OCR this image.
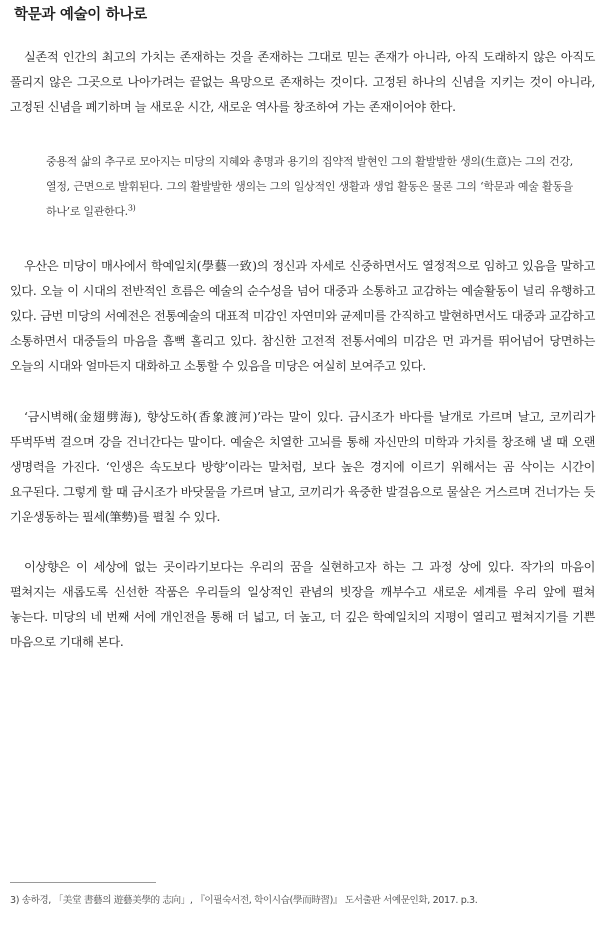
학문과 예술이 하나로

실존적 인간의 최고의 가치는 존재하는 것을 존재하는 그대로 믿는 존재가 아니라, 아직 도래하지 않은 아직도 풀리지 않은 그곳으로 나아가려는 끝없는 욕망으로 존재하는 것이다. 고정된 하나의 신념을 지키는 것이 아니라, 고정된 신념을 폐기하며 늘 새로운 시간, 새로운 역사를 창조하여 가는 존재이어야 한다.

중용적 삶의 추구로 모아지는 미당의 지혜와 총명과 용기의 집약적 발현인 그의 활발발한 생의(生意)는 그의 건강, 열정, 근면으로 발휘된다. 그의 활발발한 생의는 그의 일상적인 생활과 생업 활동은 물론 그의 ‘학문과 예술 활동을 하나’로 일관한다.$^{3)}$

우산은 미당이 매사에서 학예일치(學藝一致)의 정신과 자세로 신중하면서도 열정적으로 임하고 있음을 말하고 있다. 오늘 이 시대의 전반적인 흐름은 예술의 순수성을 넘어 대중과 소통하고 교감하는 예술활동이 널리 유행하고 있다. 금번 미당의 서예전은 전통예술의 대표적 미감인 자연미와 균제미를 간직하고 발현하면서도 대중과 교감하고 소통하면서 대중들의 마음을 흠뻑 홀리고 있다. 참신한 고전적 전통서예의 미감은 먼 과거를 뛰어넘어 당면하는 오늘의 시대와 얼마든지 대화하고 소통할 수 있음을 미당은 여실히 보여주고 있다.

‘금시벽해(金翅劈海), 향상도하(香象渡河)’라는 말이 있다. 금시조가 바다를 날개로 가르며 날고, 코끼리가 뚜벅뚜벅 걸으며 강을 건너간다는 말이다. 예술은 치열한 고뇌를 통해 자신만의 미학과 가치를 창조해 낼 때 오랜 생명력을 가진다. ‘인생은 속도보다 방향’이라는 말처럼, 보다 높은 경지에 이르기 위해서는 곰 삭이는 시간이 요구된다. 그렇게 할 때 금시조가 바닷물을 가르며 날고, 코끼리가 육중한 발걸음으로 물살은 거스르며 건너가는 듯 기운생동하는 필세(筆勢)를 펼칠 수 있다.

이상향은 이 세상에 없는 곳이라기보다는 우리의 꿈을 실현하고자 하는 그 과정 상에 있다. 작가의 마음이 펼쳐지는 새롭도록 신선한 작품은 우리들의 일상적인 관념의 빗장을 깨부수고 새로운 세계를 우리 앞에 펼쳐 놓는다. 미당의 네 번째 서에 개인전을 통해 더 넓고, 더 높고, 더 깊은 학예일치의 지평이 열리고 펼쳐지기를 기쁜 마음으로 기대해 본다.

3) 송하경, 「美堂 書藝의 遊藝美學的 志向」, 『이필숙서전, 학이시습(學而時習)』 도서출판 서예문인화, 2017. p.3.
